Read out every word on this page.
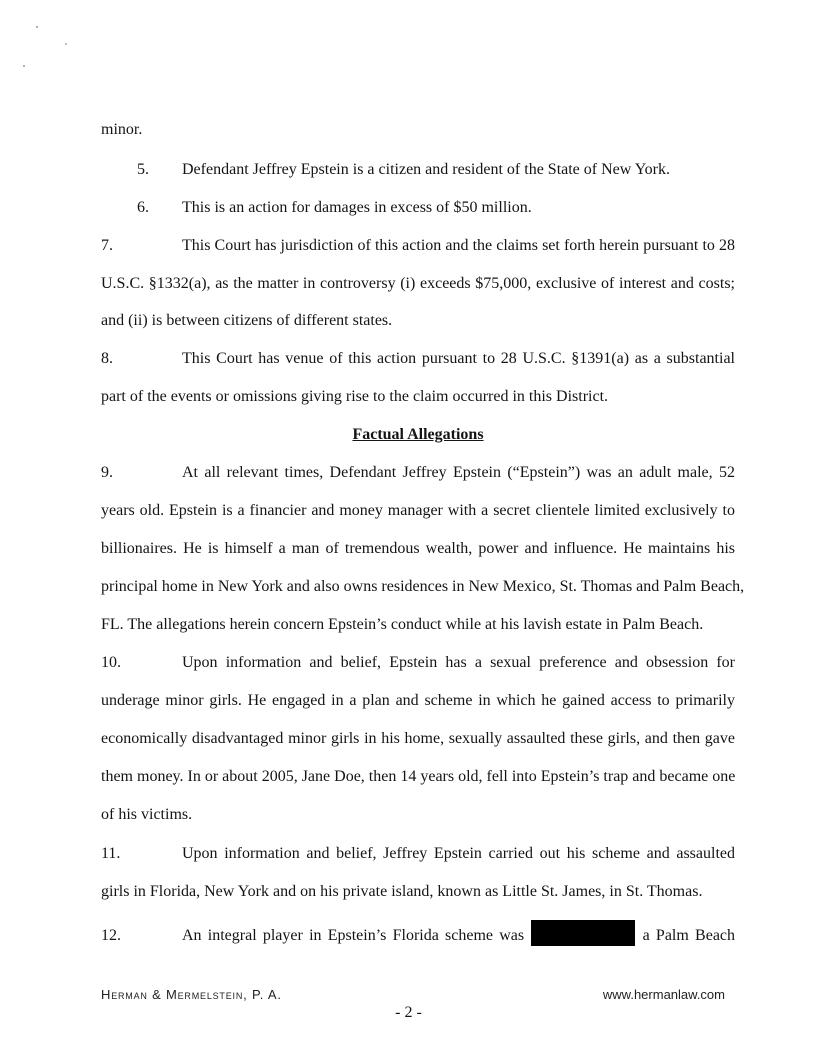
minor.
5. Defendant Jeffrey Epstein is a citizen and resident of the State of New York.
6. This is an action for damages in excess of $50 million.
7.	This Court has jurisdiction of this action and the claims set forth herein pursuant to 28
U.S.C. §1332(a), as the matter in controversy (i) exceeds $75,000, exclusive of interest and costs;
and (ii) is between citizens of different states.
8.	This Court has venue of this action pursuant to 28 U.S.C. §1391(a) as a substantial
part of the events or omissions giving rise to the claim occurred in this District.
Factual Allegations
9.	At all relevant times, Defendant Jeffrey Epstein (“Epstein”) was an adult male, 52
years old. Epstein is a financier and money manager with a secret clientele limited exclusively to
billionaires. He is himself a man of tremendous wealth, power and influence. He maintains his
principal home in New York and also owns residences in New Mexico, St. Thomas and Palm Beach,
FL. The allegations herein concern Epstein’s conduct while at his lavish estate in Palm Beach.
10.	Upon information and belief, Epstein has a sexual preference and obsession for
underage minor girls. He engaged in a plan and scheme in which he gained access to primarily
economically disadvantaged minor girls in his home, sexually assaulted these girls, and then gave
them money. In or about 2005, Jane Doe, then 14 years old, fell into Epstein’s trap and became one
of his victims.
11.	Upon information and belief, Jeffrey Epstein carried out his scheme and assaulted
girls in Florida, New York and on his private island, known as Little St. James, in St. Thomas.
12.	An integral player in Epstein’s Florida scheme was	a Palm Beach
Herman & Mermelstein, P. A.	www.hermanlaw.com
- 2 -
